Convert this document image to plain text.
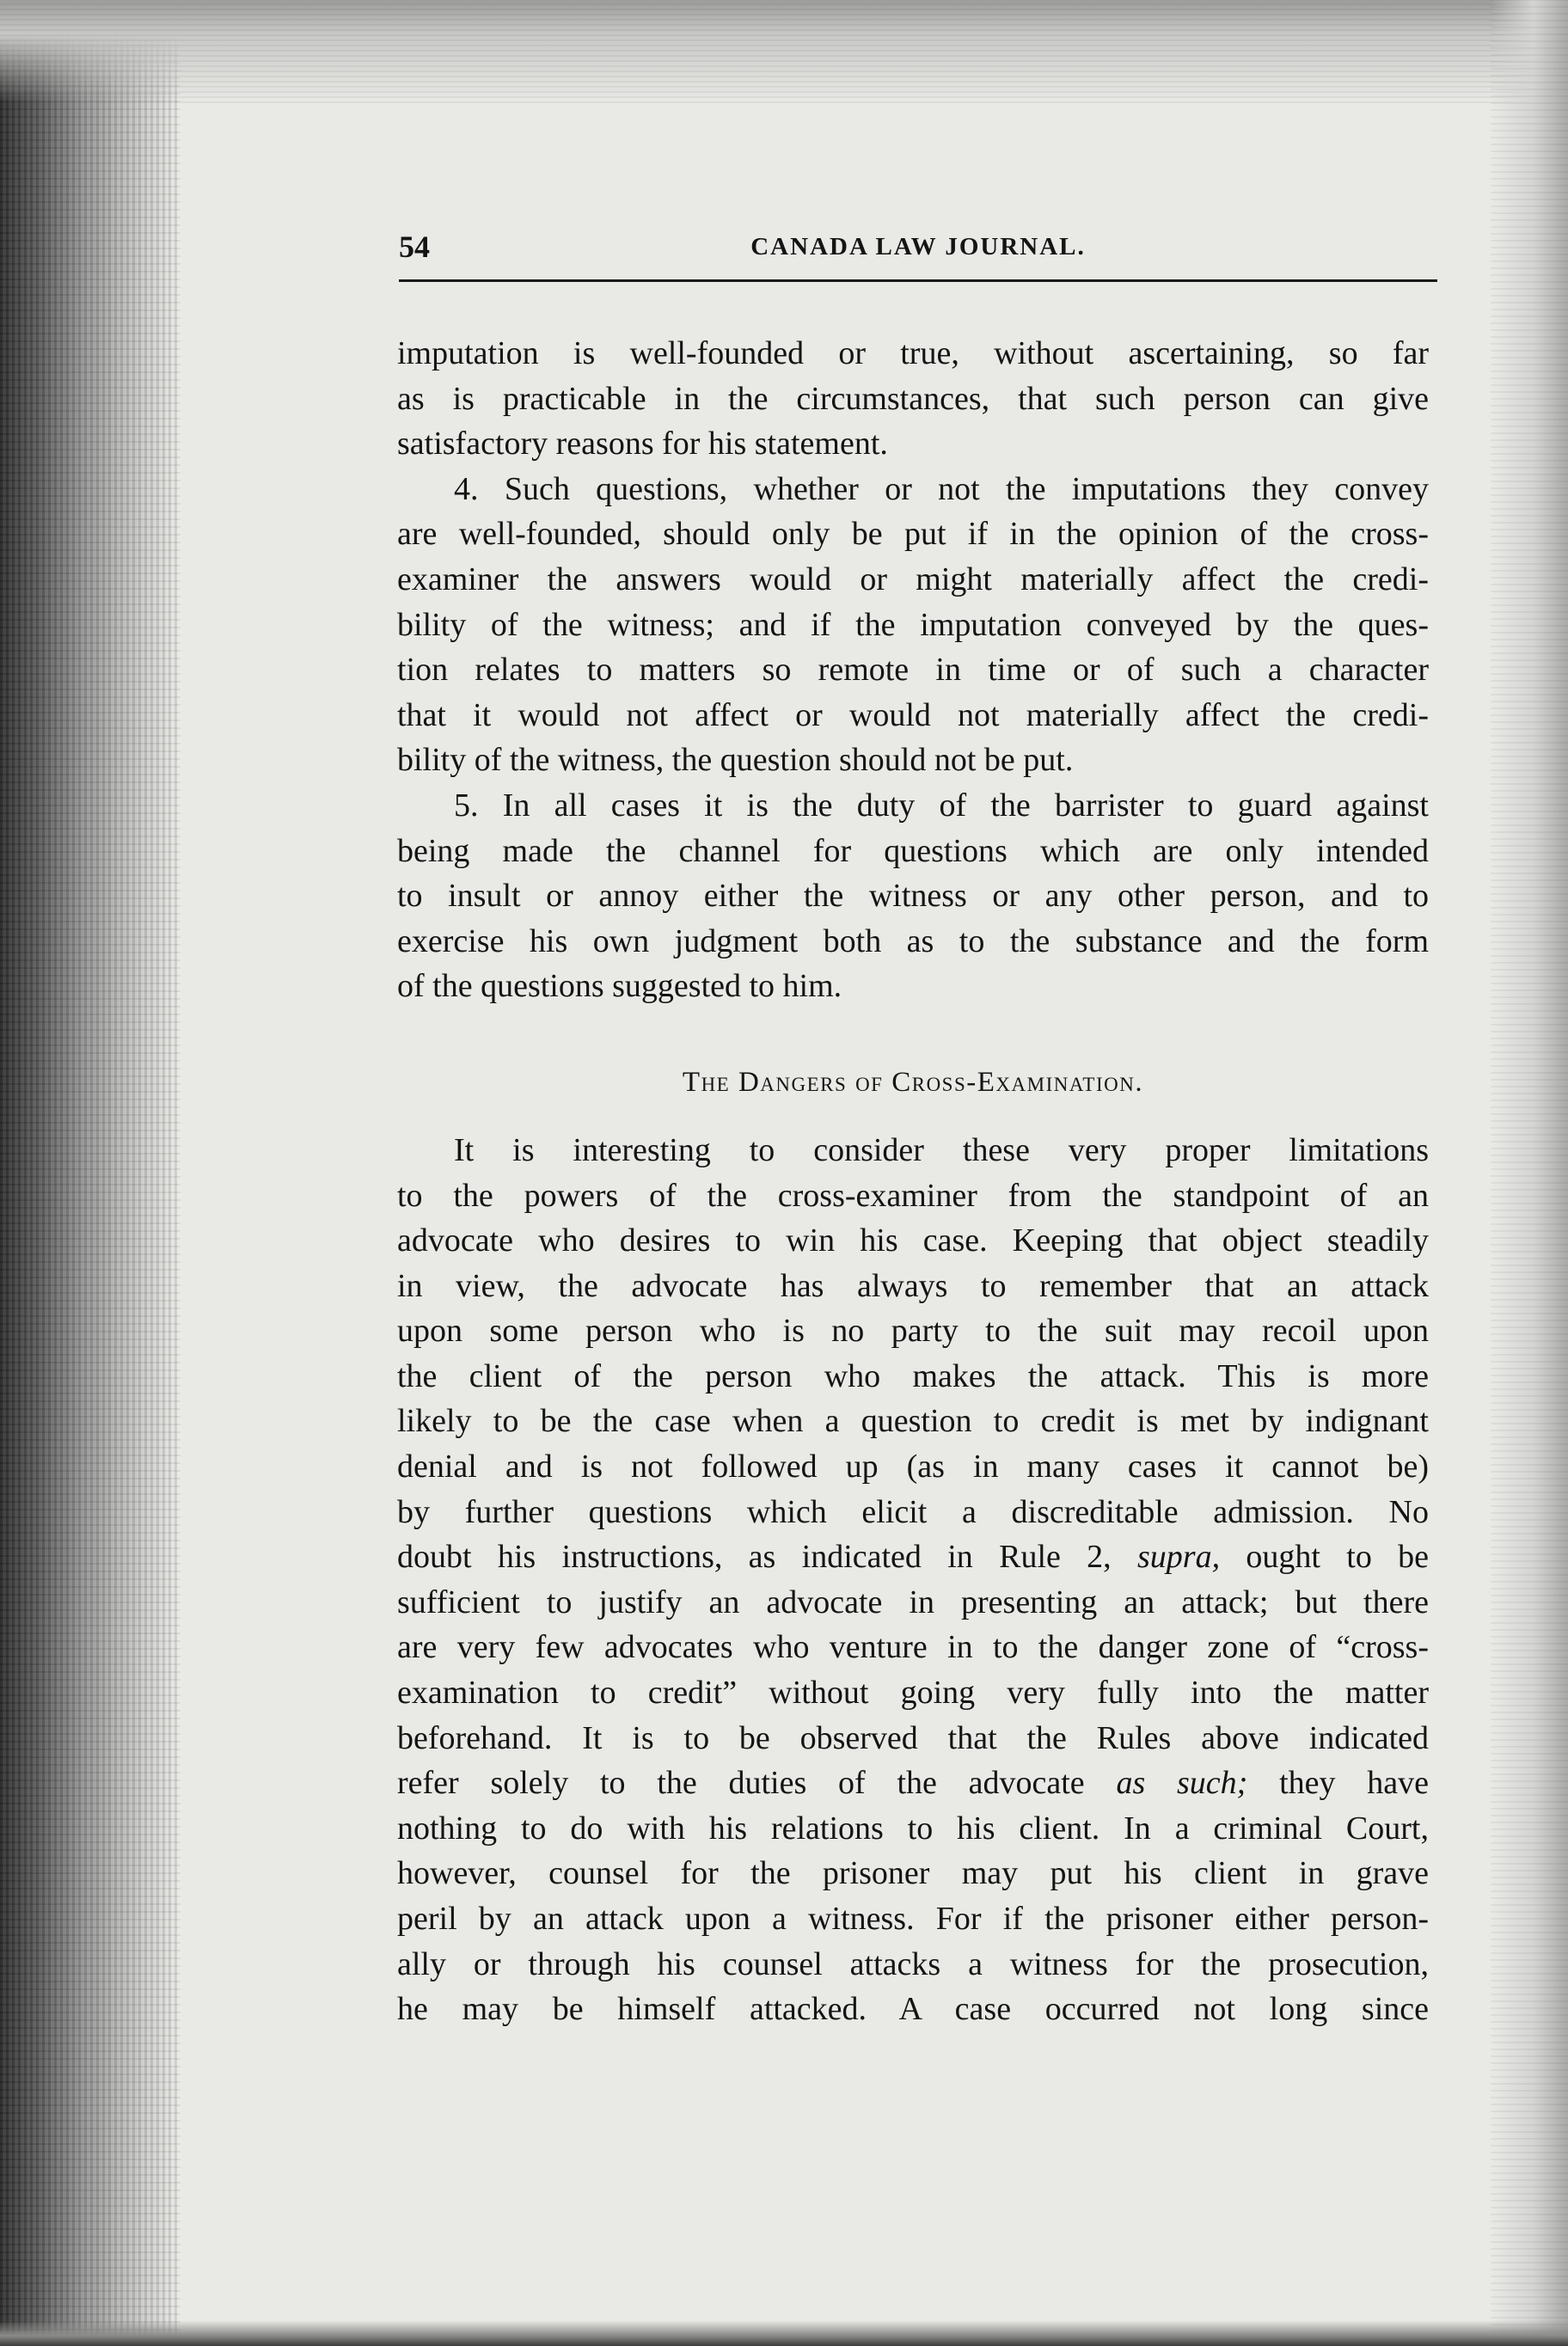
54	CANADA LAW JOURNAL.
imputation is well-founded or true, without ascertaining, so far
as is practicable in the circumstances, that such person can give
satisfactory reasons for his statement.
4. Such questions, whether or not the imputations they convey
are well-founded, should only be put if in the opinion of the cross-
examiner the answers would or might materially affect the credi-
bility of the witness; and if the imputation conveyed by the ques-
tion relates to matters so remote in time or of such a character
that it would not affect or would not materially affect the credi-
bility of the witness, the question should not be put.
5. In all cases it is the duty of the barrister to guard against
being made the channel for questions which are only intended
to insult or annoy either the witness or any other person, and to
exercise his own judgment both as to the substance and the form
of the questions suggested to him.
The Dangers of Cross-Examination.
It is interesting to consider these very proper limitations
to the powers of the cross-examiner from the standpoint of an
advocate who desires to win his case. Keeping that object steadily
in view, the advocate has always to remember that an attack
upon some person who is no party to the suit may recoil upon
the client of the person who makes the attack. This is more
likely to be the case when a question to credit is met by indignant
denial and is not followed up (as in many cases it cannot be)
by further questions which elicit a discreditable admission. No
doubt his instructions, as indicated in Rule 2, supra, ought to be
sufficient to justify an advocate in presenting an attack; but there
are very few advocates who venture in to the danger zone of “cross-
examination to credit” without going very fully into the matter
beforehand. It is to be observed that the Rules above indicated
refer solely to the duties of the advocate as such; they have
nothing to do with his relations to his client. In a criminal Court,
however, counsel for the prisoner may put his client in grave
peril by an attack upon a witness. For if the prisoner either person-
ally or through his counsel attacks a witness for the prosecution,
he may be himself attacked. A case occurred not long since
